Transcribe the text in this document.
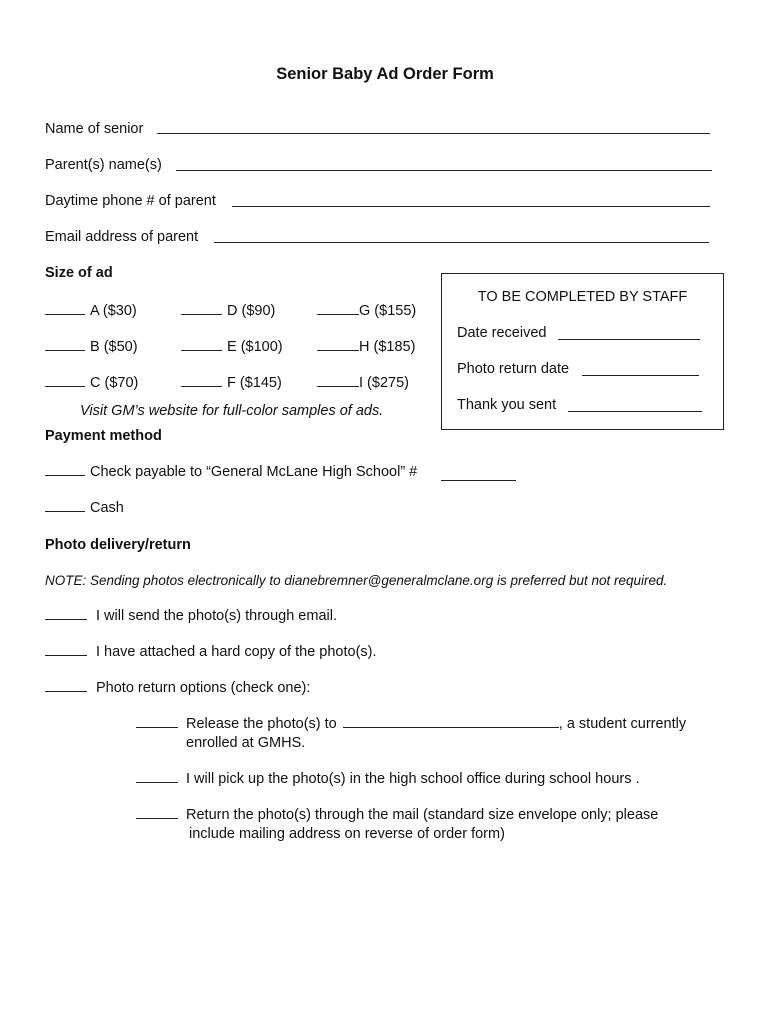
Senior Baby Ad Order Form
Name of senior
Parent(s) name(s)
Daytime phone # of parent
Email address of parent
Size of ad
A ($30)	D ($90)	G ($155)
B ($50)	E ($100)	H ($185)
C ($70)	F ($145)	I ($275)
Visit GM’s website for full-color samples of ads.
TO BE COMPLETED BY STAFF
Date received
Photo return date
Thank you sent
Payment method
Check payable to “General McLane High School” #
Cash
Photo delivery/return
NOTE: Sending photos electronically to dianebremner@generalmclane.org is preferred but not required.
I will send the photo(s) through email.
I have attached a hard copy of the photo(s).
Photo return options (check one):
Release the photo(s) to	, a student currently
enrolled at GMHS.
I will pick up the photo(s) in the high school office during school hours .
Return the photo(s) through the mail (standard size envelope only; please
include mailing address on reverse of order form)
